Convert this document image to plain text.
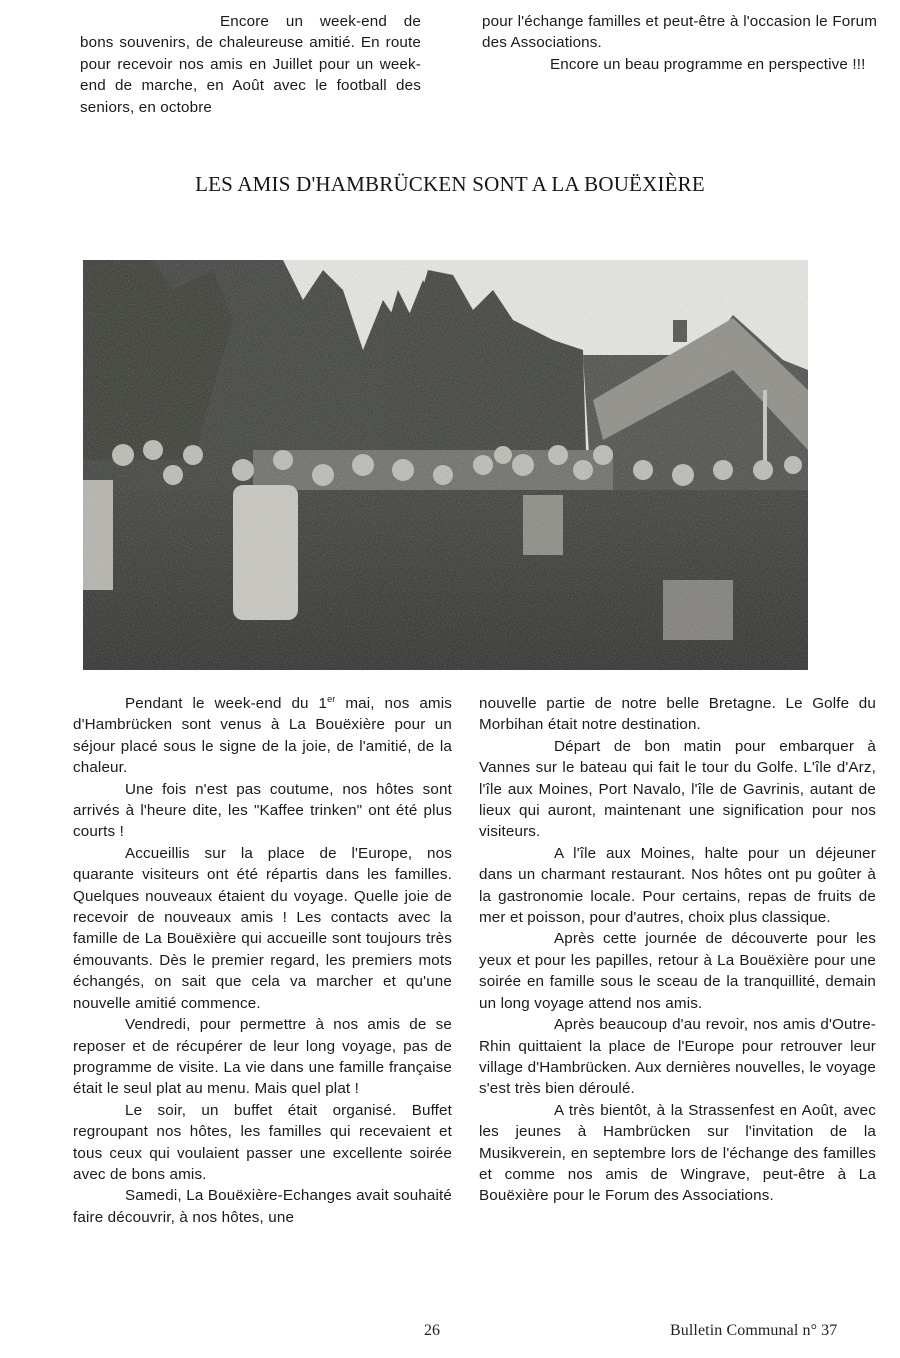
Encore un week-end de bons souvenirs, de chaleureuse amitié. En route pour recevoir nos amis en Juillet pour un week-end de marche, en Août avec le football des seniors, en octobre

pour l'échange familles et peut-être à l'occasion le Forum des Associations.

Encore un beau programme en perspective !!!

LES AMIS D'HAMBRÜCKEN SONT A LA BOUËXIÈRE

Pendant le week-end du 1er mai, nos amis d'Hambrücken sont venus à La Bouëxière pour un séjour placé sous le signe de la joie, de l'amitié, de la chaleur.

Une fois n'est pas coutume, nos hôtes sont arrivés à l'heure dite, les "Kaffee trinken" ont été plus courts !

Accueillis sur la place de l'Europe, nos quarante visiteurs ont été répartis dans les familles. Quelques nouveaux étaient du voyage. Quelle joie de recevoir de nouveaux amis ! Les contacts avec la famille de La Bouëxière qui accueille sont toujours très émouvants. Dès le premier regard, les premiers mots échangés, on sait que cela va marcher et qu'une nouvelle amitié commence.

Vendredi, pour permettre à nos amis de se reposer et de récupérer de leur long voyage, pas de programme de visite. La vie dans une famille française était le seul plat au menu. Mais quel plat !

Le soir, un buffet était organisé. Buffet regroupant nos hôtes, les familles qui recevaient et tous ceux qui voulaient passer une excellente soirée avec de bons amis.

Samedi, La Bouëxière-Echanges avait souhaité faire découvrir, à nos hôtes, une

nouvelle partie de notre belle Bretagne. Le Golfe du Morbihan était notre destination.

Départ de bon matin pour embarquer à Vannes sur le bateau qui fait le tour du Golfe. L'île d'Arz, l'île aux Moines, Port Navalo, l'île de Gavrinis, autant de lieux qui auront, maintenant une signification pour nos visiteurs.

A l'île aux Moines, halte pour un déjeuner dans un charmant restaurant. Nos hôtes ont pu goûter à la gastronomie locale. Pour certains, repas de fruits de mer et poisson, pour d'autres, choix plus classique.

Après cette journée de découverte pour les yeux et pour les papilles, retour à La Bouëxière pour une soirée en famille sous le sceau de la tranquillité, demain un long voyage attend nos amis.

Après beaucoup d'au revoir, nos amis d'Outre-Rhin quittaient la place de l'Europe pour retrouver leur village d'Hambrücken. Aux dernières nouvelles, le voyage s'est très bien déroulé.

A très bientôt, à la Strassenfest en Août, avec les jeunes à Hambrücken sur l'invitation de la Musikverein, en septembre lors de l'échange des familles et comme nos amis de Wingrave, peut-être à La Bouëxière pour le Forum des Associations.

26	Bulletin Communal n° 37
